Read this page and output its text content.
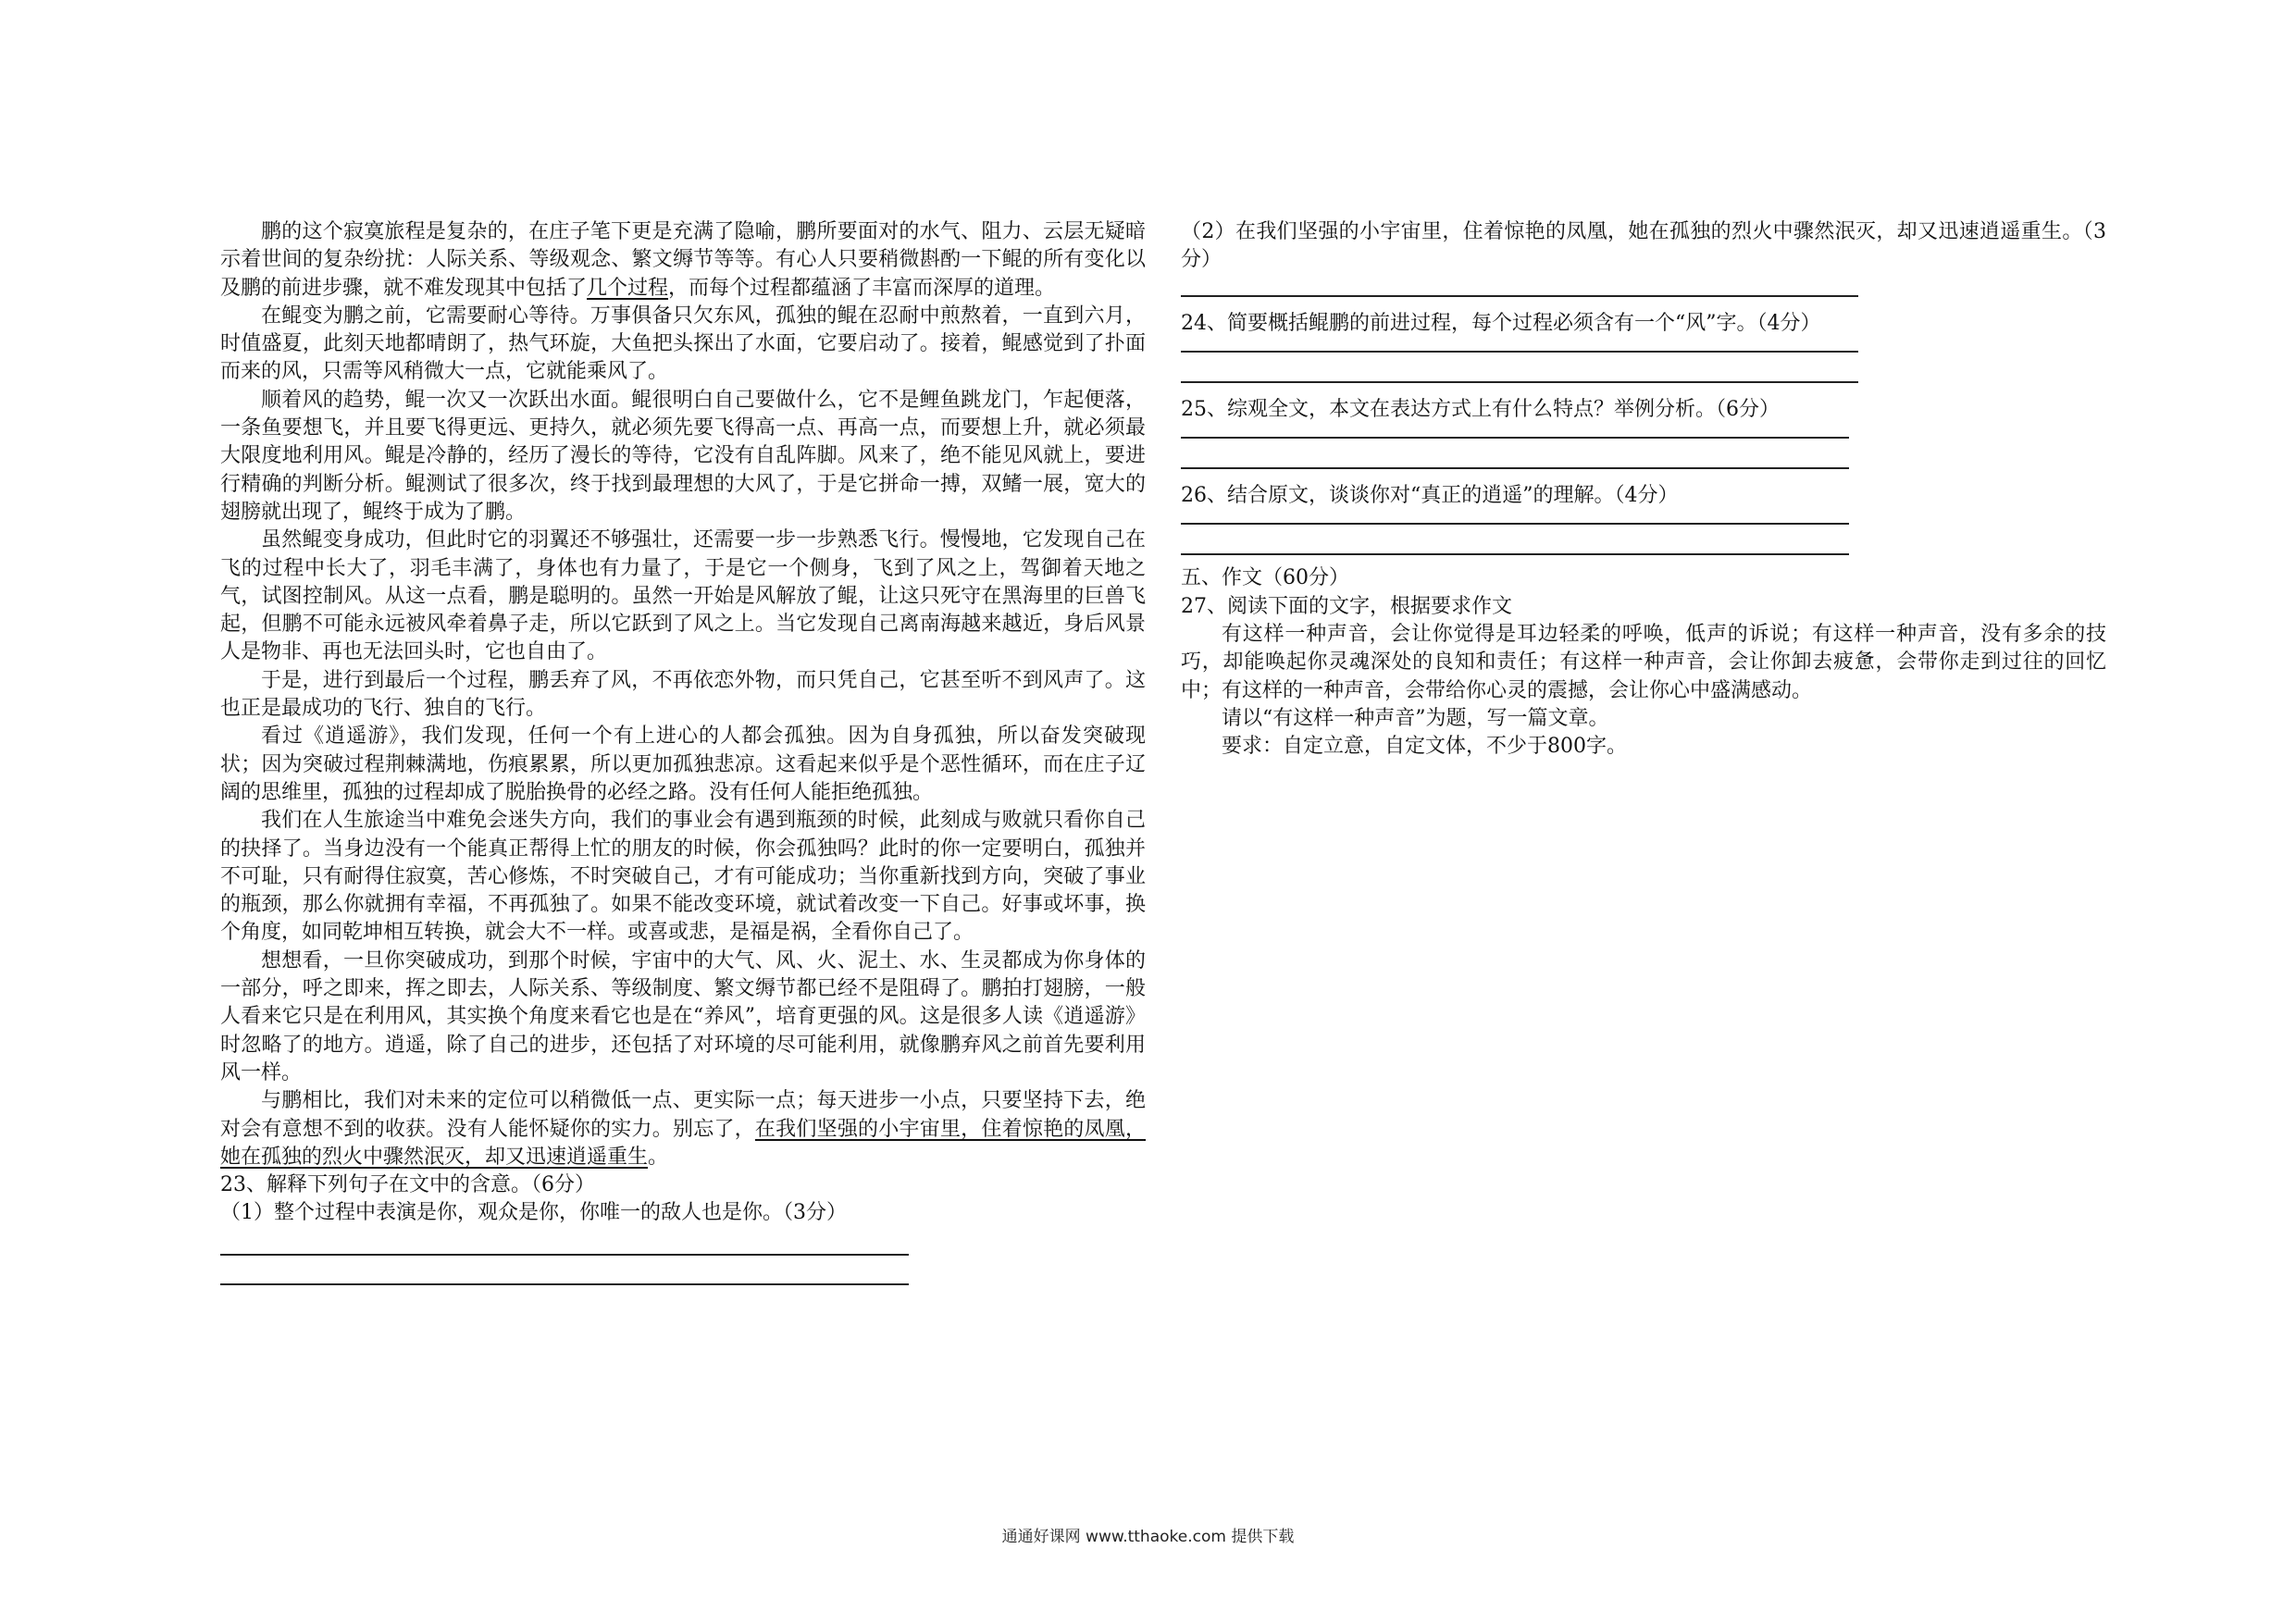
鹏的这个寂寞旅程是复杂的，在庄子笔下更是充满了隐喻，鹏所要面对的水气、阻力、云层无疑暗示着世间的复杂纷扰：人际关系、等级观念、繁文缛节等等。有心人只要稍微斟酌一下鲲的所有变化以及鹏的前进步骤，就不难发现其中包括了几个过程，而每个过程都蕴涵了丰富而深厚的道理。

在鲲变为鹏之前，它需要耐心等待。万事俱备只欠东风，孤独的鲲在忍耐中煎熬着，一直到六月，时值盛夏，此刻天地都晴朗了，热气环旋，大鱼把头探出了水面，它要启动了。接着，鲲感觉到了扑面而来的风，只需等风稍微大一点，它就能乘风了。

顺着风的趋势，鲲一次又一次跃出水面。鲲很明白自己要做什么，它不是鲤鱼跳龙门，乍起便落，一条鱼要想飞，并且要飞得更远、更持久，就必须先要飞得高一点、再高一点，而要想上升，就必须最大限度地利用风。鲲是冷静的，经历了漫长的等待，它没有自乱阵脚。风来了，绝不能见风就上，要进行精确的判断分析。鲲测试了很多次，终于找到最理想的大风了，于是它拼命一搏，双鳍一展，宽大的翅膀就出现了，鲲终于成为了鹏。

虽然鲲变身成功，但此时它的羽翼还不够强壮，还需要一步一步熟悉飞行。慢慢地，它发现自己在飞的过程中长大了，羽毛丰满了，身体也有力量了，于是它一个侧身，飞到了风之上，驾御着天地之气，试图控制风。从这一点看，鹏是聪明的。虽然一开始是风解放了鲲，让这只死守在黑海里的巨兽飞起，但鹏不可能永远被风牵着鼻子走，所以它跃到了风之上。当它发现自己离南海越来越近，身后风景人是物非、再也无法回头时，它也自由了。

于是，进行到最后一个过程，鹏丢弃了风，不再依恋外物，而只凭自己，它甚至听不到风声了。这也正是最成功的飞行、独自的飞行。

看过《逍遥游》，我们发现，任何一个有上进心的人都会孤独。因为自身孤独，所以奋发突破现状；因为突破过程荆棘满地，伤痕累累，所以更加孤独悲凉。这看起来似乎是个恶性循环，而在庄子辽阔的思维里，孤独的过程却成了脱胎换骨的必经之路。没有任何人能拒绝孤独。

我们在人生旅途当中难免会迷失方向，我们的事业会有遇到瓶颈的时候，此刻成与败就只看你自己的抉择了。当身边没有一个能真正帮得上忙的朋友的时候，你会孤独吗？此时的你一定要明白，孤独并不可耻，只有耐得住寂寞，苦心修炼，不时突破自己，才有可能成功；当你重新找到方向，突破了事业的瓶颈，那么你就拥有幸福，不再孤独了。如果不能改变环境，就试着改变一下自己。好事或坏事，换个角度，如同乾坤相互转换，就会大不一样。或喜或悲，是福是祸，全看你自己了。

想想看，一旦你突破成功，到那个时候，宇宙中的大气、风、火、泥土、水、生灵都成为你身体的一部分，呼之即来，挥之即去，人际关系、等级制度、繁文缛节都已经不是阻碍了。鹏拍打翅膀，一般人看来它只是在利用风，其实换个角度来看它也是在“养风”，培育更强的风。这是很多人读《逍遥游》时忽略了的地方。逍遥，除了自己的进步，还包括了对环境的尽可能利用，就像鹏弃风之前首先要利用风一样。

与鹏相比，我们对未来的定位可以稍微低一点、更实际一点；每天进步一小点，只要坚持下去，绝对会有意想不到的收获。没有人能怀疑你的实力。别忘了，在我们坚强的小宇宙里，住着惊艳的凤凰，她在孤独的烈火中骤然泯灭，却又迅速逍遥重生。

23、解释下列句子在文中的含意。（6分）

（1）整个过程中表演是你，观众是你，你唯一的敌人也是你。（3分）

（2）在我们坚强的小宇宙里，住着惊艳的凤凰，她在孤独的烈火中骤然泯灭，却又迅速逍遥重生。（3分）

24、简要概括鲲鹏的前进过程，每个过程必须含有一个“风”字。（4分）

25、综观全文，本文在表达方式上有什么特点？举例分析。（6分）

26、结合原文，谈谈你对“真正的逍遥”的理解。（4分）

五、作文（60分）

27、阅读下面的文字，根据要求作文

有这样一种声音，会让你觉得是耳边轻柔的呼唤，低声的诉说；有这样一种声音，没有多余的技巧，却能唤起你灵魂深处的良知和责任；有这样一种声音，会让你卸去疲惫，会带你走到过往的回忆中；有这样的一种声音，会带给你心灵的震撼，会让你心中盛满感动。

请以“有这样一种声音”为题，写一篇文章。

要求：自定立意，自定文体，不少于800字。

通通好课网 www.tthaoke.com 提供下载
